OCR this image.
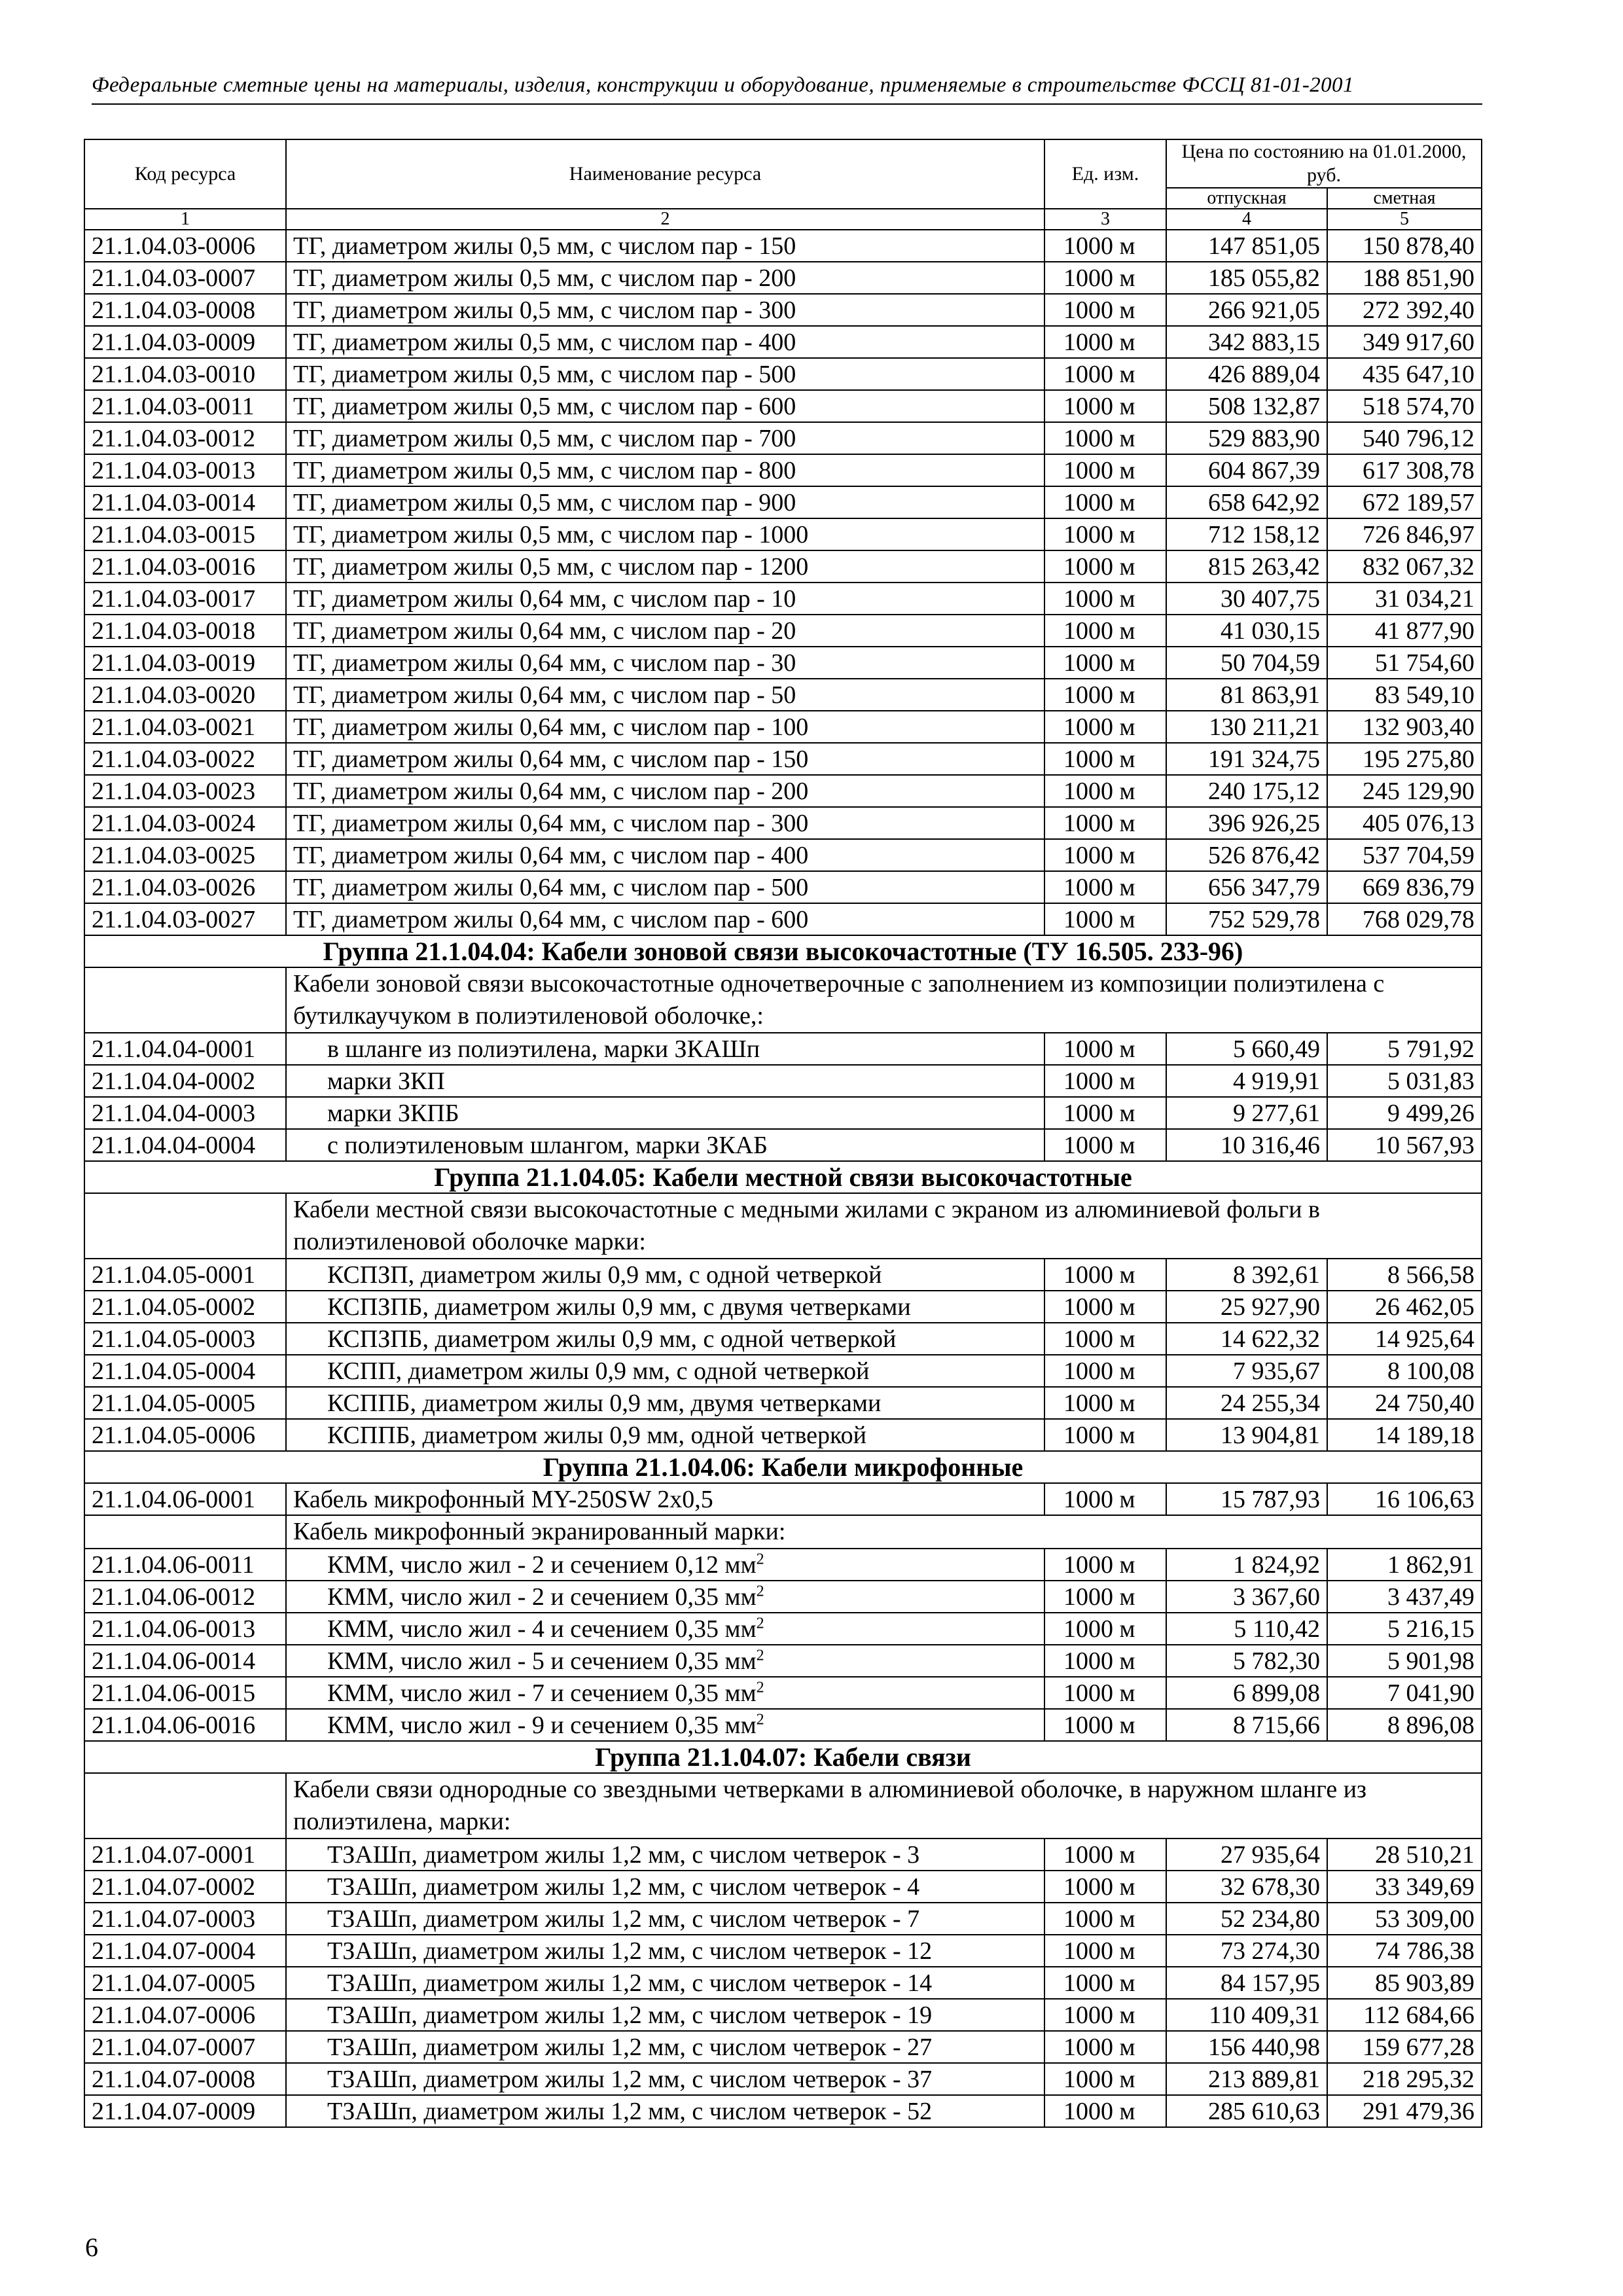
Федеральные сметные цены на материалы, изделия, конструкции и оборудование, применяемые в строительстве ФССЦ 81-01-2001
Код ресурса	Наименование ресурса	Ед. изм.	Цена по состоянию на 01.01.2000, руб.	
			отпускная	сметная
1	2	3	4	5
21.1.04.03-0006	ТГ, диаметром жилы 0,5 мм, с числом пар - 150	1000 м	147 851,05	150 878,40
21.1.04.03-0007	ТГ, диаметром жилы 0,5 мм, с числом пар - 200	1000 м	185 055,82	188 851,90
21.1.04.03-0008	ТГ, диаметром жилы 0,5 мм, с числом пар - 300	1000 м	266 921,05	272 392,40
21.1.04.03-0009	ТГ, диаметром жилы 0,5 мм, с числом пар - 400	1000 м	342 883,15	349 917,60
21.1.04.03-0010	ТГ, диаметром жилы 0,5 мм, с числом пар - 500	1000 м	426 889,04	435 647,10
21.1.04.03-0011	ТГ, диаметром жилы 0,5 мм, с числом пар - 600	1000 м	508 132,87	518 574,70
21.1.04.03-0012	ТГ, диаметром жилы 0,5 мм, с числом пар - 700	1000 м	529 883,90	540 796,12
21.1.04.03-0013	ТГ, диаметром жилы 0,5 мм, с числом пар - 800	1000 м	604 867,39	617 308,78
21.1.04.03-0014	ТГ, диаметром жилы 0,5 мм, с числом пар - 900	1000 м	658 642,92	672 189,57
21.1.04.03-0015	ТГ, диаметром жилы 0,5 мм, с числом пар - 1000	1000 м	712 158,12	726 846,97
21.1.04.03-0016	ТГ, диаметром жилы 0,5 мм, с числом пар - 1200	1000 м	815 263,42	832 067,32
21.1.04.03-0017	ТГ, диаметром жилы 0,64 мм, с числом пар - 10	1000 м	30 407,75	31 034,21
21.1.04.03-0018	ТГ, диаметром жилы 0,64 мм, с числом пар - 20	1000 м	41 030,15	41 877,90
21.1.04.03-0019	ТГ, диаметром жилы 0,64 мм, с числом пар - 30	1000 м	50 704,59	51 754,60
21.1.04.03-0020	ТГ, диаметром жилы 0,64 мм, с числом пар - 50	1000 м	81 863,91	83 549,10
21.1.04.03-0021	ТГ, диаметром жилы 0,64 мм, с числом пар - 100	1000 м	130 211,21	132 903,40
21.1.04.03-0022	ТГ, диаметром жилы 0,64 мм, с числом пар - 150	1000 м	191 324,75	195 275,80
21.1.04.03-0023	ТГ, диаметром жилы 0,64 мм, с числом пар - 200	1000 м	240 175,12	245 129,90
21.1.04.03-0024	ТГ, диаметром жилы 0,64 мм, с числом пар - 300	1000 м	396 926,25	405 076,13
21.1.04.03-0025	ТГ, диаметром жилы 0,64 мм, с числом пар - 400	1000 м	526 876,42	537 704,59
21.1.04.03-0026	ТГ, диаметром жилы 0,64 мм, с числом пар - 500	1000 м	656 347,79	669 836,79
21.1.04.03-0027	ТГ, диаметром жилы 0,64 мм, с числом пар - 600	1000 м	752 529,78	768 029,78
Группа 21.1.04.04: Кабели зоновой связи высокочастотные (ТУ 16.505. 233-96)				
	Кабели зоновой связи высокочастотные одночетверочные с заполнением из композиции полиэтилена с бутилкаучуком в полиэтиленовой оболочке,:			
21.1.04.04-0001	в шланге из полиэтилена, марки ЗКАШп	1000 м	5 660,49	5 791,92
21.1.04.04-0002	марки ЗКП	1000 м	4 919,91	5 031,83
21.1.04.04-0003	марки ЗКПБ	1000 м	9 277,61	9 499,26
21.1.04.04-0004	с полиэтиленовым шлангом, марки ЗКАБ	1000 м	10 316,46	10 567,93
Группа 21.1.04.05: Кабели местной связи высокочастотные				
	Кабели местной связи высокочастотные с медными жилами с экраном из алюминиевой фольги в полиэтиленовой оболочке марки:			
21.1.04.05-0001	КСПЗП, диаметром жилы 0,9 мм, с одной четверкой	1000 м	8 392,61	8 566,58
21.1.04.05-0002	КСПЗПБ, диаметром жилы 0,9 мм, с двумя четверками	1000 м	25 927,90	26 462,05
21.1.04.05-0003	КСПЗПБ, диаметром жилы 0,9 мм, с одной четверкой	1000 м	14 622,32	14 925,64
21.1.04.05-0004	КСПП, диаметром жилы 0,9 мм, с одной четверкой	1000 м	7 935,67	8 100,08
21.1.04.05-0005	КСППБ, диаметром жилы 0,9 мм, двумя четверками	1000 м	24 255,34	24 750,40
21.1.04.05-0006	КСППБ, диаметром жилы 0,9 мм, одной четверкой	1000 м	13 904,81	14 189,18
Группа 21.1.04.06: Кабели микрофонные				
21.1.04.06-0001	Кабель микрофонный MY-250SW 2x0,5	1000 м	15 787,93	16 106,63
	Кабель микрофонный экранированный марки:			
21.1.04.06-0011	КММ, число жил - 2 и сечением 0,12 $мм^2$	1000 м	1 824,92	1 862,91
21.1.04.06-0012	КММ, число жил - 2 и сечением 0,35 $мм^2$	1000 м	3 367,60	3 437,49
21.1.04.06-0013	КММ, число жил - 4 и сечением 0,35 $мм^2$	1000 м	5 110,42	5 216,15
21.1.04.06-0014	КММ, число жил - 5 и сечением 0,35 $мм^2$	1000 м	5 782,30	5 901,98
21.1.04.06-0015	КММ, число жил - 7 и сечением 0,35 $мм^2$	1000 м	6 899,08	7 041,90
21.1.04.06-0016	КММ, число жил - 9 и сечением 0,35 $мм^2$	1000 м	8 715,66	8 896,08
Группа 21.1.04.07: Кабели связи				
	Кабели связи однородные со звездными четверками в алюминиевой оболочке, в наружном шланге из полиэтилена, марки:			
21.1.04.07-0001	ТЗАШп, диаметром жилы 1,2 мм, с числом четверок - 3	1000 м	27 935,64	28 510,21
21.1.04.07-0002	ТЗАШп, диаметром жилы 1,2 мм, с числом четверок - 4	1000 м	32 678,30	33 349,69
21.1.04.07-0003	ТЗАШп, диаметром жилы 1,2 мм, с числом четверок - 7	1000 м	52 234,80	53 309,00
21.1.04.07-0004	ТЗАШп, диаметром жилы 1,2 мм, с числом четверок - 12	1000 м	73 274,30	74 786,38
21.1.04.07-0005	ТЗАШп, диаметром жилы 1,2 мм, с числом четверок - 14	1000 м	84 157,95	85 903,89
21.1.04.07-0006	ТЗАШп, диаметром жилы 1,2 мм, с числом четверок - 19	1000 м	110 409,31	112 684,66
21.1.04.07-0007	ТЗАШп, диаметром жилы 1,2 мм, с числом четверок - 27	1000 м	156 440,98	159 677,28
21.1.04.07-0008	ТЗАШп, диаметром жилы 1,2 мм, с числом четверок - 37	1000 м	213 889,81	218 295,32
21.1.04.07-0009	ТЗАШп, диаметром жилы 1,2 мм, с числом четверок - 52	1000 м	285 610,63	291 479,36
6
